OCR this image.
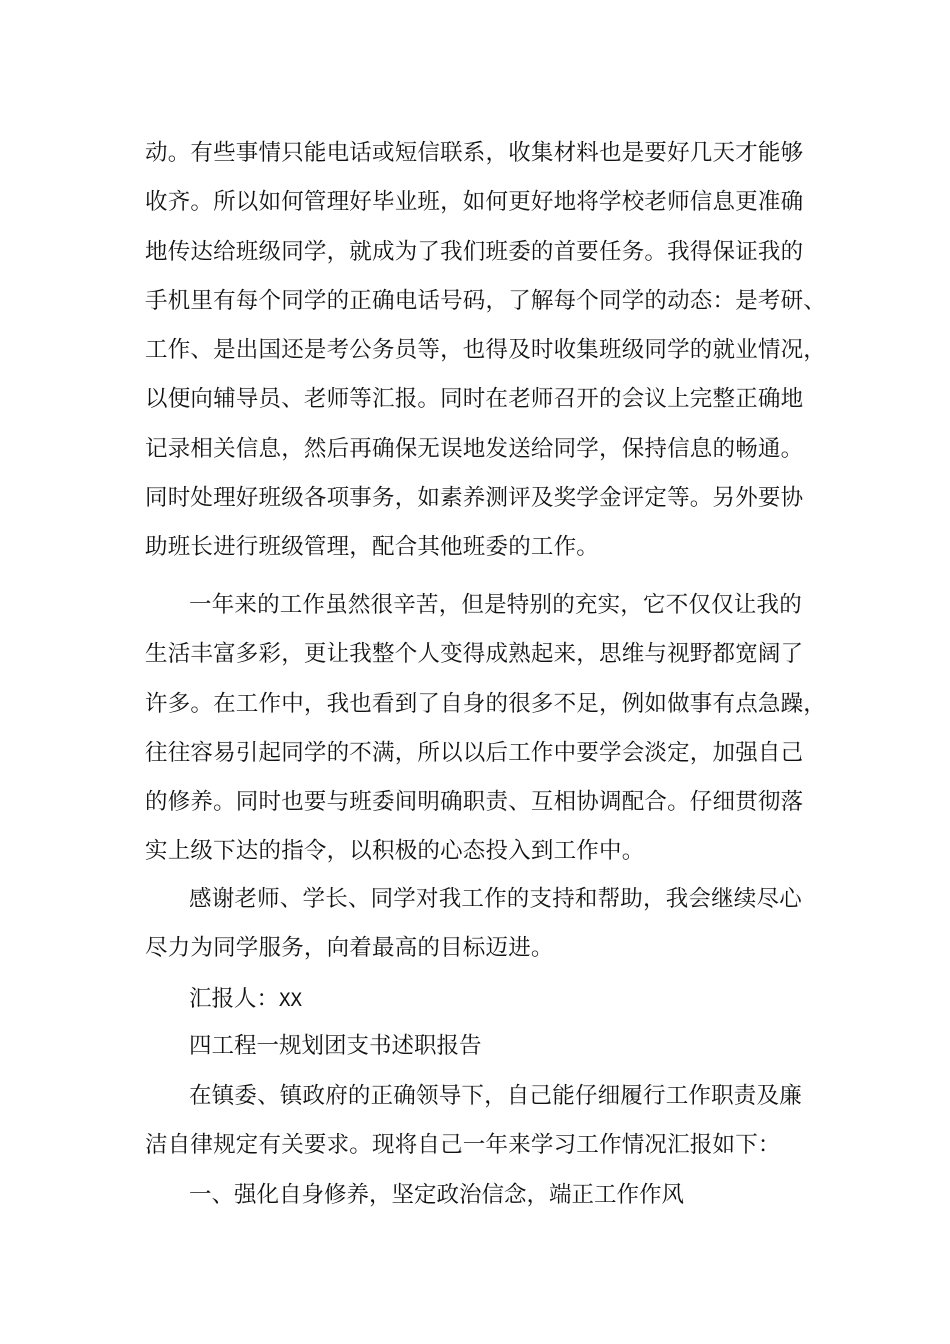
动。有些事情只能电话或短信联系，收集材料也是要好几天才能够
收齐。所以如何管理好毕业班，如何更好地将学校老师信息更准确
地传达给班级同学，就成为了我们班委的首要任务。我得保证我的
手机里有每个同学的正确电话号码，了解每个同学的动态：是考研、
工作、是出国还是考公务员等，也得及时收集班级同学的就业情况，
以便向辅导员、老师等汇报。同时在老师召开的会议上完整正确地
记录相关信息，然后再确保无误地发送给同学，保持信息的畅通。
同时处理好班级各项事务，如素养测评及奖学金评定等。另外要协
助班长进行班级管理，配合其他班委的工作。
一年来的工作虽然很辛苦，但是特别的充实，它不仅仅让我的
生活丰富多彩，更让我整个人变得成熟起来，思维与视野都宽阔了
许多。在工作中，我也看到了自身的很多不足，例如做事有点急躁，
往往容易引起同学的不满，所以以后工作中要学会淡定，加强自己
的修养。同时也要与班委间明确职责、互相协调配合。仔细贯彻落
实上级下达的指令，以积极的心态投入到工作中。
感谢老师、学长、同学对我工作的支持和帮助，我会继续尽心
尽力为同学服务，向着最高的目标迈进。
汇报人：XX
四工程一规划团支书述职报告
在镇委、镇政府的正确领导下，自己能仔细履行工作职责及廉
洁自律规定有关要求。现将自己一年来学习工作情况汇报如下：
一、强化自身修养，坚定政治信念，端正工作作风
